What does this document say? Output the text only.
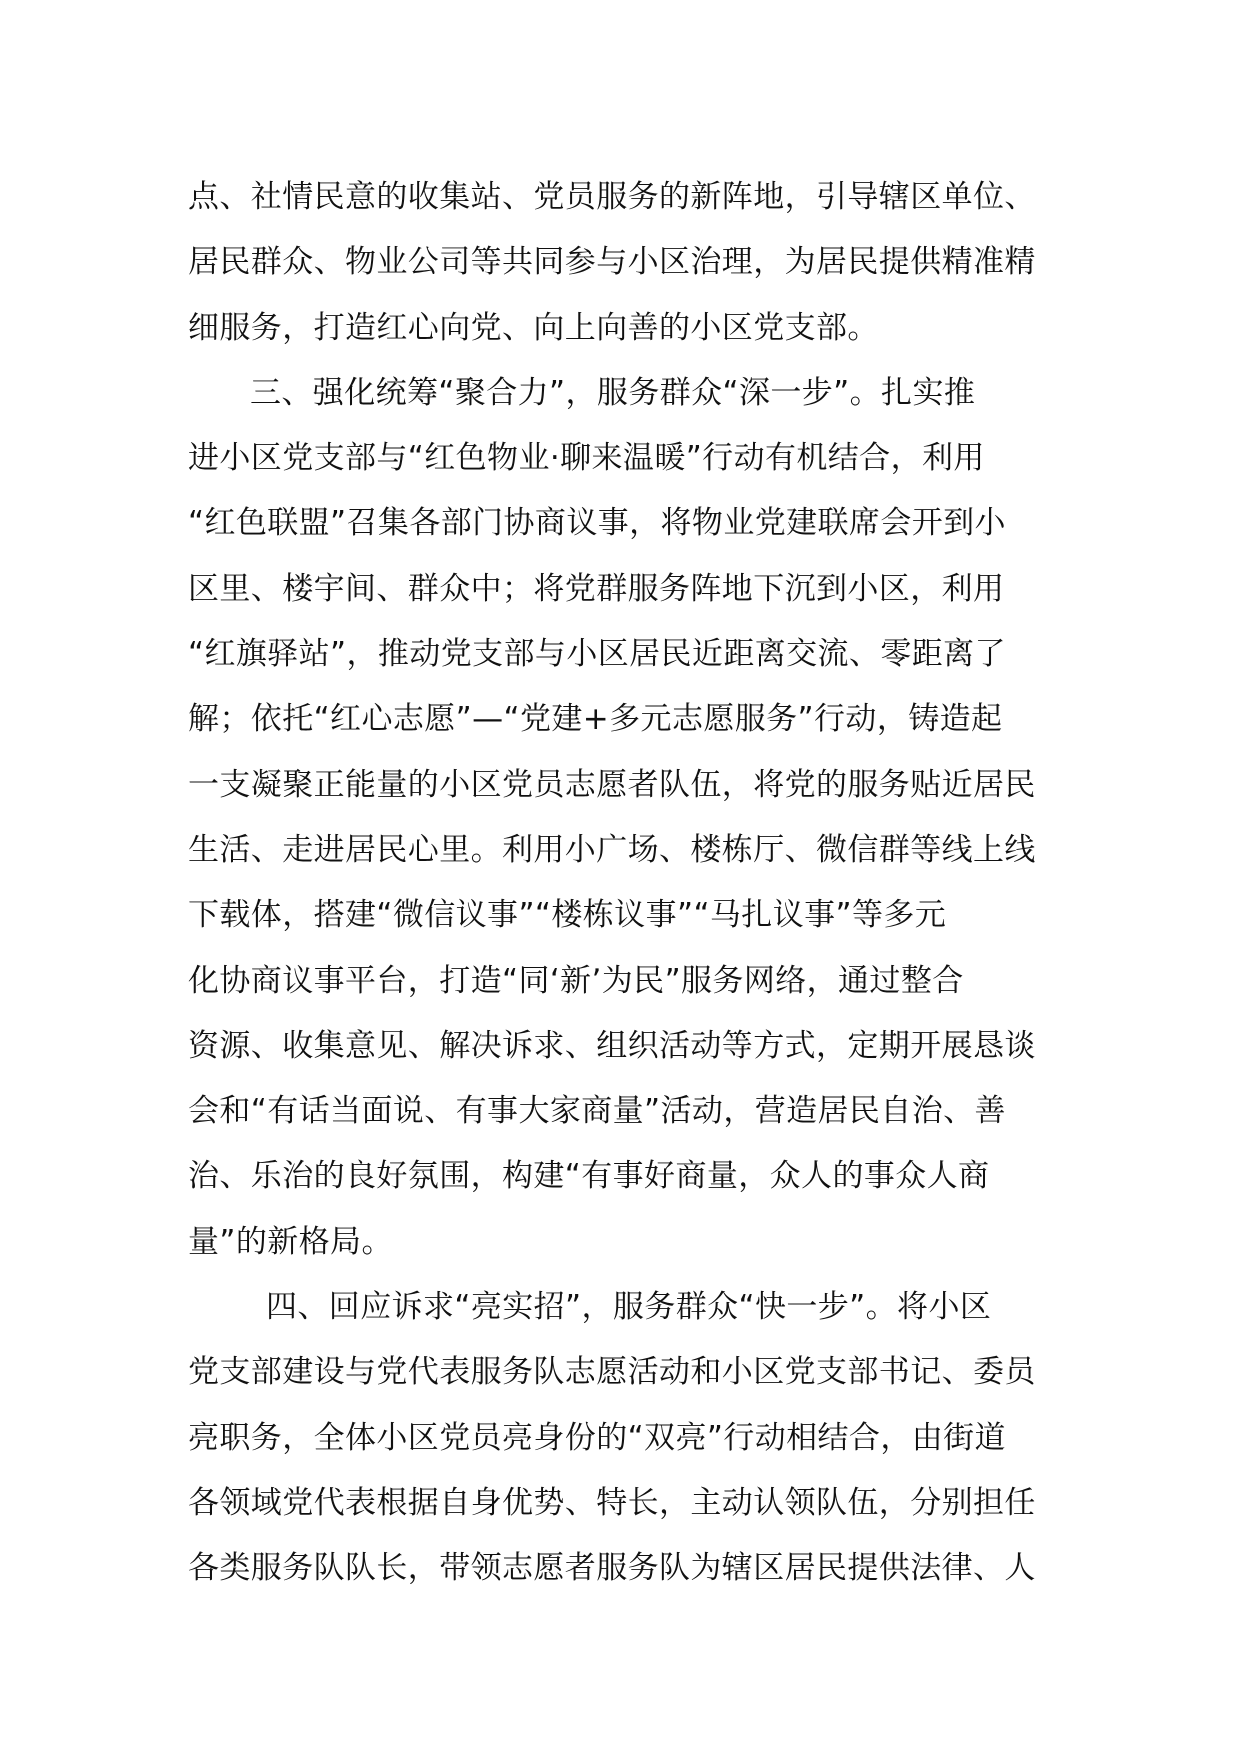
点、社情民意的收集站、党员服务的新阵地，引导辖区单位、
居民群众、物业公司等共同参与小区治理，为居民提供精准精
细服务，打造红心向党、向上向善的小区党支部。
三、强化统筹“聚合力”，服务群众“深一步”。扎实推
进小区党支部与“红色物业·聊来温暖”行动有机结合，利用
“红色联盟”召集各部门协商议事，将物业党建联席会开到小
区里、楼宇间、群众中；将党群服务阵地下沉到小区，利用
“红旗驿站”，推动党支部与小区居民近距离交流、零距离了
解；依托“红心志愿”—“党建+多元志愿服务”行动，铸造起
一支凝聚正能量的小区党员志愿者队伍，将党的服务贴近居民
生活、走进居民心里。利用小广场、楼栋厅、微信群等线上线
下载体，搭建“微信议事”“楼栋议事”“马扎议事”等多元
化协商议事平台，打造“同‘新’为民”服务网络，通过整合
资源、收集意见、解决诉求、组织活动等方式，定期开展恳谈
会和“有话当面说、有事大家商量”活动，营造居民自治、善
治、乐治的良好氛围，构建“有事好商量，众人的事众人商
量”的新格局。
四、回应诉求“亮实招”，服务群众“快一步”。将小区
党支部建设与党代表服务队志愿活动和小区党支部书记、委员
亮职务，全体小区党员亮身份的“双亮”行动相结合，由街道
各领域党代表根据自身优势、特长，主动认领队伍，分别担任
各类服务队队长，带领志愿者服务队为辖区居民提供法律、人
